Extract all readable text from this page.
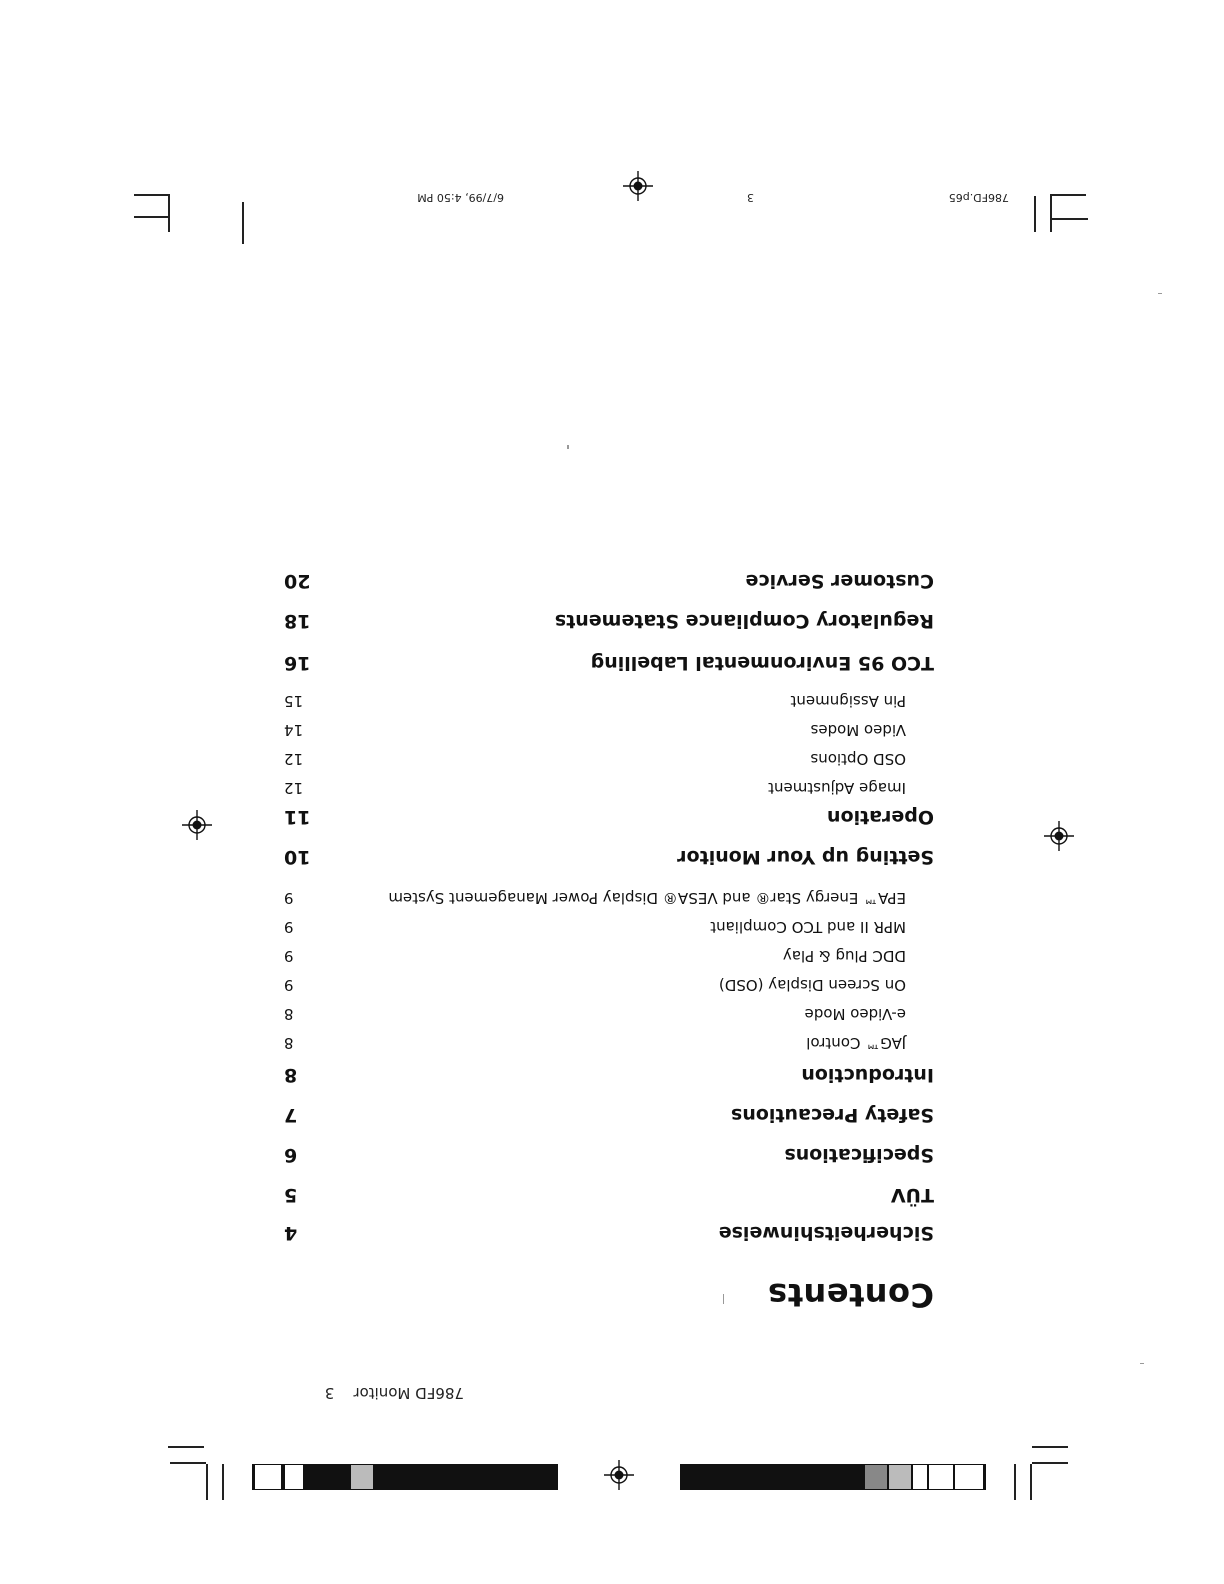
786FD.p65
3
6/7/99, 4:50 PM
Contents
786FD Monitor    3
Sicherheitshinweise
4
TÜV
5
Specifications
6
Safety Precautions
7
Introduction
8
JAG™ Control
8
e-Video Mode
8
On Screen Display (OSD)
9
DDC Plug & Play
9
MPR II and TCO Compliant
9
EPA™ Energy Star® and VESA® Display Power Management System
9
Setting up Your Monitor
10
Operation
11
Image Adjustment
12
OSD Options
12
Video Modes
14
Pin Assignment
15
TCO 95 Environmental Labelling
16
Regulatory Compliance Statements
18
Customer Service
20
